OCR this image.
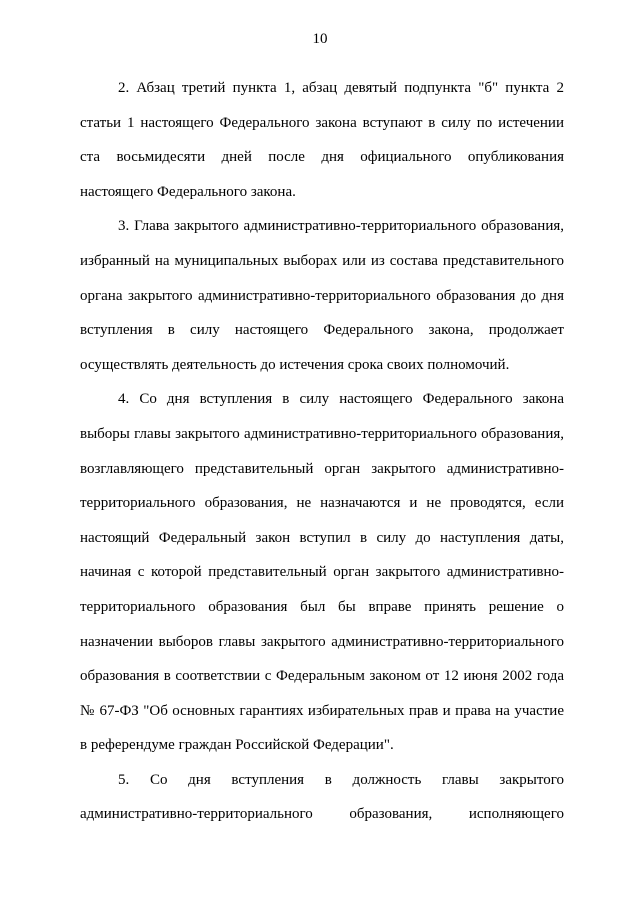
10

2. Абзац третий пункта 1, абзац девятый подпункта "б" пункта 2
статьи 1 настоящего Федерального закона вступают в силу по истечении
ста восьмидесяти дней после дня официального опубликования
настоящего Федерального закона.

3. Глава закрытого административно-территориального образования,
избранный на муниципальных выборах или из состава представительного
органа закрытого административно-территориального образования до дня
вступления в силу настоящего Федерального закона, продолжает
осуществлять деятельность до истечения срока своих полномочий.

4. Со дня вступления в силу настоящего Федерального закона
выборы главы закрытого административно-территориального образования,
возглавляющего представительный орган закрытого административно-
территориального образования, не назначаются и не проводятся, если
настоящий Федеральный закон вступил в силу до наступления даты,
начиная с которой представительный орган закрытого административно-
территориального образования был бы вправе принять решение о
назначении выборов главы закрытого административно-территориального
образования в соответствии с Федеральным законом от 12 июня 2002 года
№ 67-ФЗ "Об основных гарантиях избирательных прав и права на участие
в референдуме граждан Российской Федерации".

5. Со дня вступления в должность главы закрытого
административно-территориального образования, исполняющего
